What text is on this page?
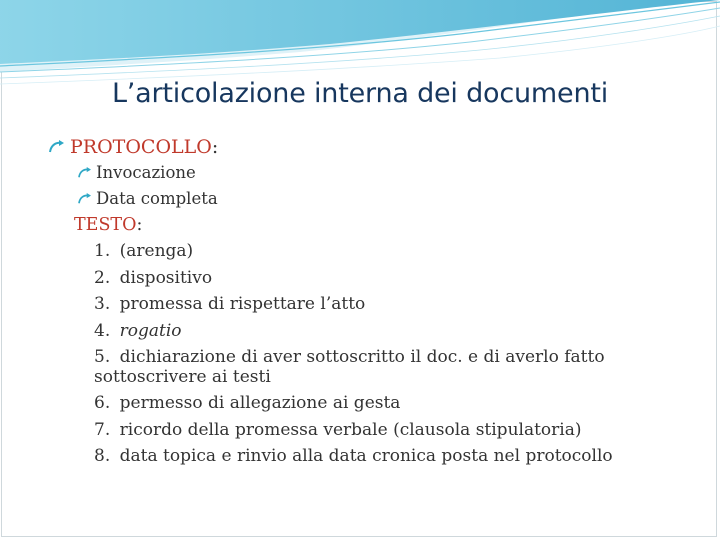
L’articolazione interna dei documenti
PROTOCOLLO:
Invocazione
Data completa
TESTO:
1. (arenga)
2. dispositivo
3. promessa di rispettare l’atto
4. rogatio
5. dichiarazione di aver sottoscritto il doc. e di averlo fatto
sottoscrivere ai testi
6. permesso di allegazione ai gesta
7. ricordo della promessa verbale (clausola stipulatoria)
8. data topica e rinvio alla data cronica posta nel protocollo
